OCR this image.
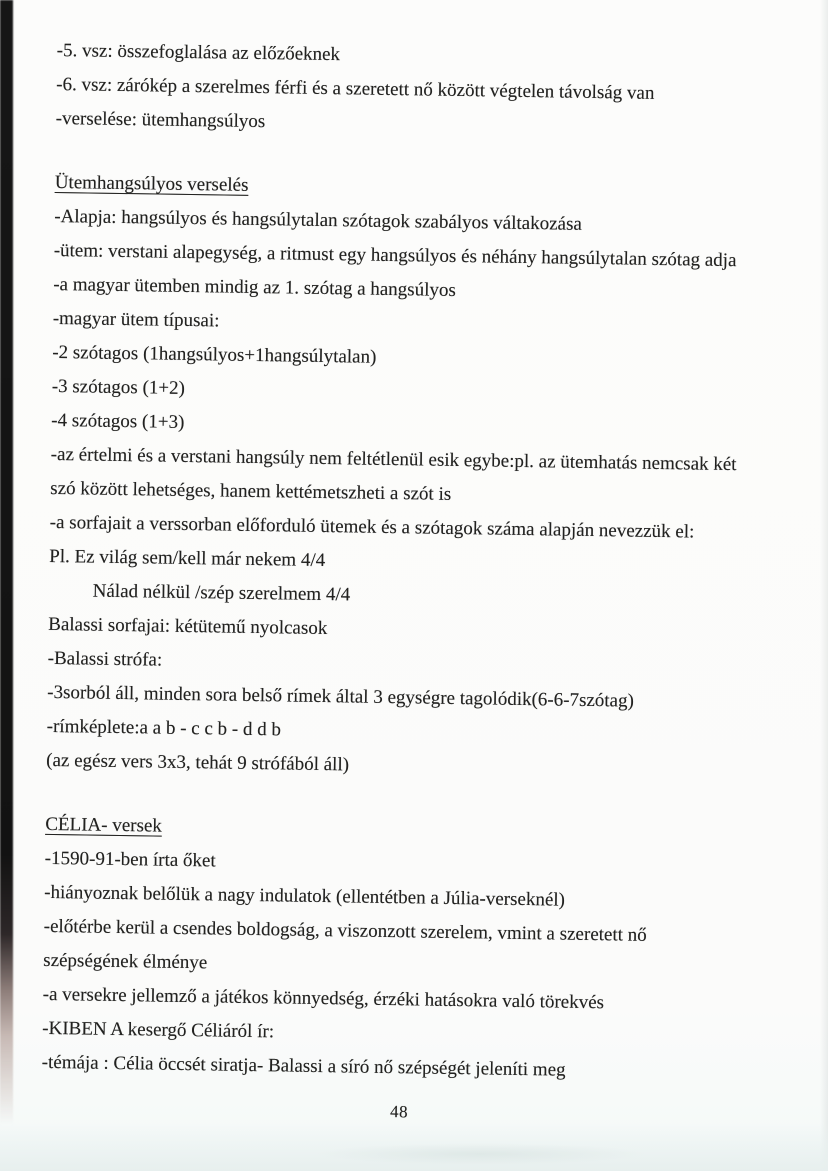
-5. vsz: összefoglalása az előzőeknek
-6. vsz: zárókép a szerelmes férfi és a szeretett nő között végtelen távolság van
-verselése: ütemhangsúlyos
Ütemhangsúlyos verselés
-Alapja: hangsúlyos és hangsúlytalan szótagok szabályos váltakozása
-ütem: verstani alapegység, a ritmust egy hangsúlyos és néhány hangsúlytalan szótag adja
-a magyar ütemben mindig az 1. szótag a hangsúlyos
-magyar ütem típusai:
-2 szótagos (1hangsúlyos+1hangsúlytalan)
-3 szótagos (1+2)
-4 szótagos (1+3)
-az értelmi és a verstani hangsúly nem feltétlenül esik egybe:pl. az ütemhatás nemcsak két
szó között lehetséges, hanem kettémetszheti a szót is
-a sorfajait a verssorban előforduló ütemek és a szótagok száma alapján nevezzük el:
Pl. Ez világ sem/kell már nekem 4/4
Nálad nélkül /szép szerelmem 4/4
Balassi sorfajai: kétütemű nyolcasok
-Balassi strófa:
-3sorból áll, minden sora belső rímek által 3 egységre tagolódik(6-6-7szótag)
-rímképlete:a a b - c c b - d d b
(az egész vers 3x3, tehát 9 strófából áll)
CÉLIA- versek
-1590-91-ben írta őket
-hiányoznak belőlük a nagy indulatok (ellentétben a Júlia-verseknél)
-előtérbe kerül a csendes boldogság, a viszonzott szerelem, vmint a szeretett nő
szépségének élménye
-a versekre jellemző a játékos könnyedség, érzéki hatásokra való törekvés
-KIBEN A kesergő Céliáról ír:
-témája : Célia öccsét siratja- Balassi a síró nő szépségét jeleníti meg
48
